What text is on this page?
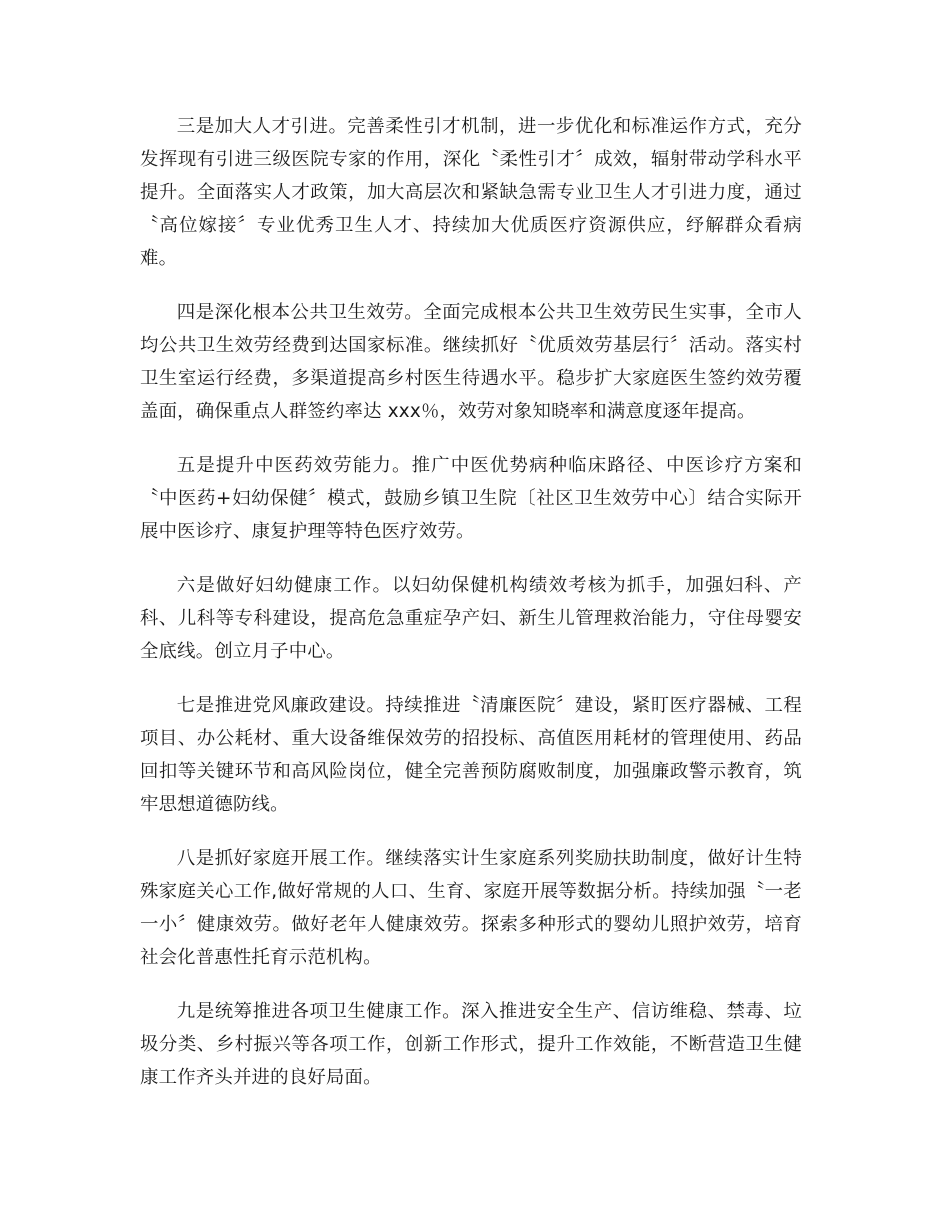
三是加大人才引进。完善柔性引才机制，进一步优化和标准运作方式，充分发挥现有引进三级医院专家的作用，深化〝柔性引才〞成效，辐射带动学科水平提升。全面落实人才政策，加大高层次和紧缺急需专业卫生人才引进力度，通过〝高位嫁接〞专业优秀卫生人才、持续加大优质医疗资源供应，纾解群众看病难。

四是深化根本公共卫生效劳。全面完成根本公共卫生效劳民生实事，全市人均公共卫生效劳经费到达国家标准。继续抓好〝优质效劳基层行〞活动。落实村卫生室运行经费，多渠道提高乡村医生待遇水平。稳步扩大家庭医生签约效劳覆盖面，确保重点人群签约率达 xxx％，效劳对象知晓率和满意度逐年提高。

五是提升中医药效劳能力。推广中医优势病种临床路径、中医诊疗方案和〝中医药+妇幼保健〞模式，鼓励乡镇卫生院〔社区卫生效劳中心〕结合实际开展中医诊疗、康复护理等特色医疗效劳。

六是做好妇幼健康工作。以妇幼保健机构绩效考核为抓手，加强妇科、产科、儿科等专科建设，提高危急重症孕产妇、新生儿管理救治能力，守住母婴安全底线。创立月子中心。

七是推进党风廉政建设。持续推进〝清廉医院〞建设，紧盯医疗器械、工程项目、办公耗材、重大设备维保效劳的招投标、高值医用耗材的管理使用、药品回扣等关键环节和高风险岗位，健全完善预防腐败制度，加强廉政警示教育，筑牢思想道德防线。

八是抓好家庭开展工作。继续落实计生家庭系列奖励扶助制度，做好计生特殊家庭关心工作,做好常规的人口、生育、家庭开展等数据分析。持续加强〝一老一小〞健康效劳。做好老年人健康效劳。探索多种形式的婴幼儿照护效劳，培育社会化普惠性托育示范机构。

九是统筹推进各项卫生健康工作。深入推进安全生产、信访维稳、禁毒、垃圾分类、乡村振兴等各项工作，创新工作形式，提升工作效能，不断营造卫生健康工作齐头并进的良好局面。
